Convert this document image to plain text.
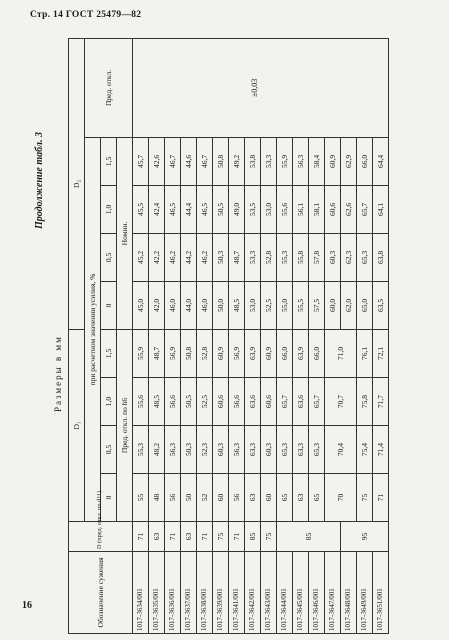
Стр. 14 ГОСТ 25479—82
16
Продолжение табл. 3
Размеры в мм
Обозначение сужения	D (пред. откл. по d11)	D₁				D₂				
		при расчетном значении усилия, %								Пред. откл.
		0	0,5	1,0	1,5	0	0,5	1,0	1,5	
		Пред. откл. по h6				Номин.				
1017-3634/001	71	55	55,3	55,6	55,9	45,0	45,2	45,5	45,7	
1017-3635/001	63	48	48,2	48,5	48,7	42,0	42,2	42,4	42,6	
1017-3636/001	71	56	56,3	56,6	56,9	46,0	46,2	46,5	46,7	
1017-3637/001	63	50	50,3	50,5	50,8	44,0	44,2	44,4	44,6	
1017-3638/001	71	52	52,3	52,5	52,8	46,0	46,2	46,5	46,7	
1017-3639/001	75	60	60,3	60,6	60,9	50,0	50,3	50,5	50,8	
1017-3641/001	71	56	56,3	56,6	56,9	48,5	48,7	49,0	49,2	
1017-3642/001	85	63	63,3	63,6	63,9	53,0	53,3	53,5	53,8	±0,03
1017-3643/001	75	60	60,3	60,6	60,9	52,5	52,8	53,0	53,3	
1017-3644/001	85	65	65,3	65,7	66,0	55,0	55,3	55,6	55,9	
1017-3645/001		63	63,3	63,6	63,9	55,5	55,8	56,1	56,3	
1017-3646/001		65	65,3	65,7	66,0	57,5	57,8	58,1	58,4	
1017-3647/001		70	70,4	70,7	71,0	60,0	60,3	60,6	60,9	
1017-3648/001	95					62,0	62,3	62,6	62,9	
1017-3649/001		75	75,4	75,8	76,1	65,0	65,3	65,7	66,0	
1017-3651/001		71	71,4	71,7	72,1	63,5	63,8	64,1	64,4	
